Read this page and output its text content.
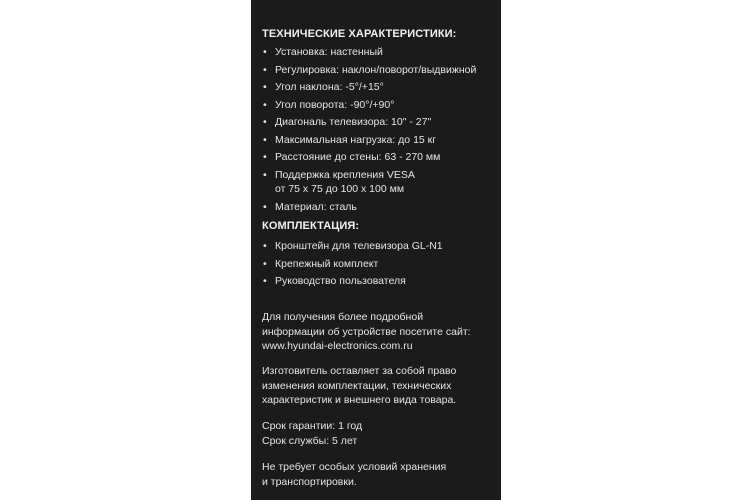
ТЕХНИЧЕСКИЕ ХАРАКТЕРИСТИКИ:
• Установка: настенный
• Регулировка: наклон/поворот/выдвижной
• Угол наклона: -5°/+15°
• Угол поворота: -90°/+90°
• Диагональ телевизора: 10" - 27"
• Максимальная нагрузка: до 15 кг
• Расстояние до стены: 63 - 270 мм
• Поддержка крепления VESA
от 75 х 75 до 100 х 100 мм
• Материал: сталь
КОМПЛЕКТАЦИЯ:
• Кронштейн для телевизора GL-N1
• Крепежный комплект
• Руководство пользователя

Для получения более подробной
информации об устройстве посетите сайт:
www.hyundai-electronics.com.ru

Изготовитель оставляет за собой право
изменения комплектации, технических
характеристик и внешнего вида товара.

Срок гарантии: 1 год
Срок службы: 5 лет

Не требует особых условий хранения
и транспортировки.
